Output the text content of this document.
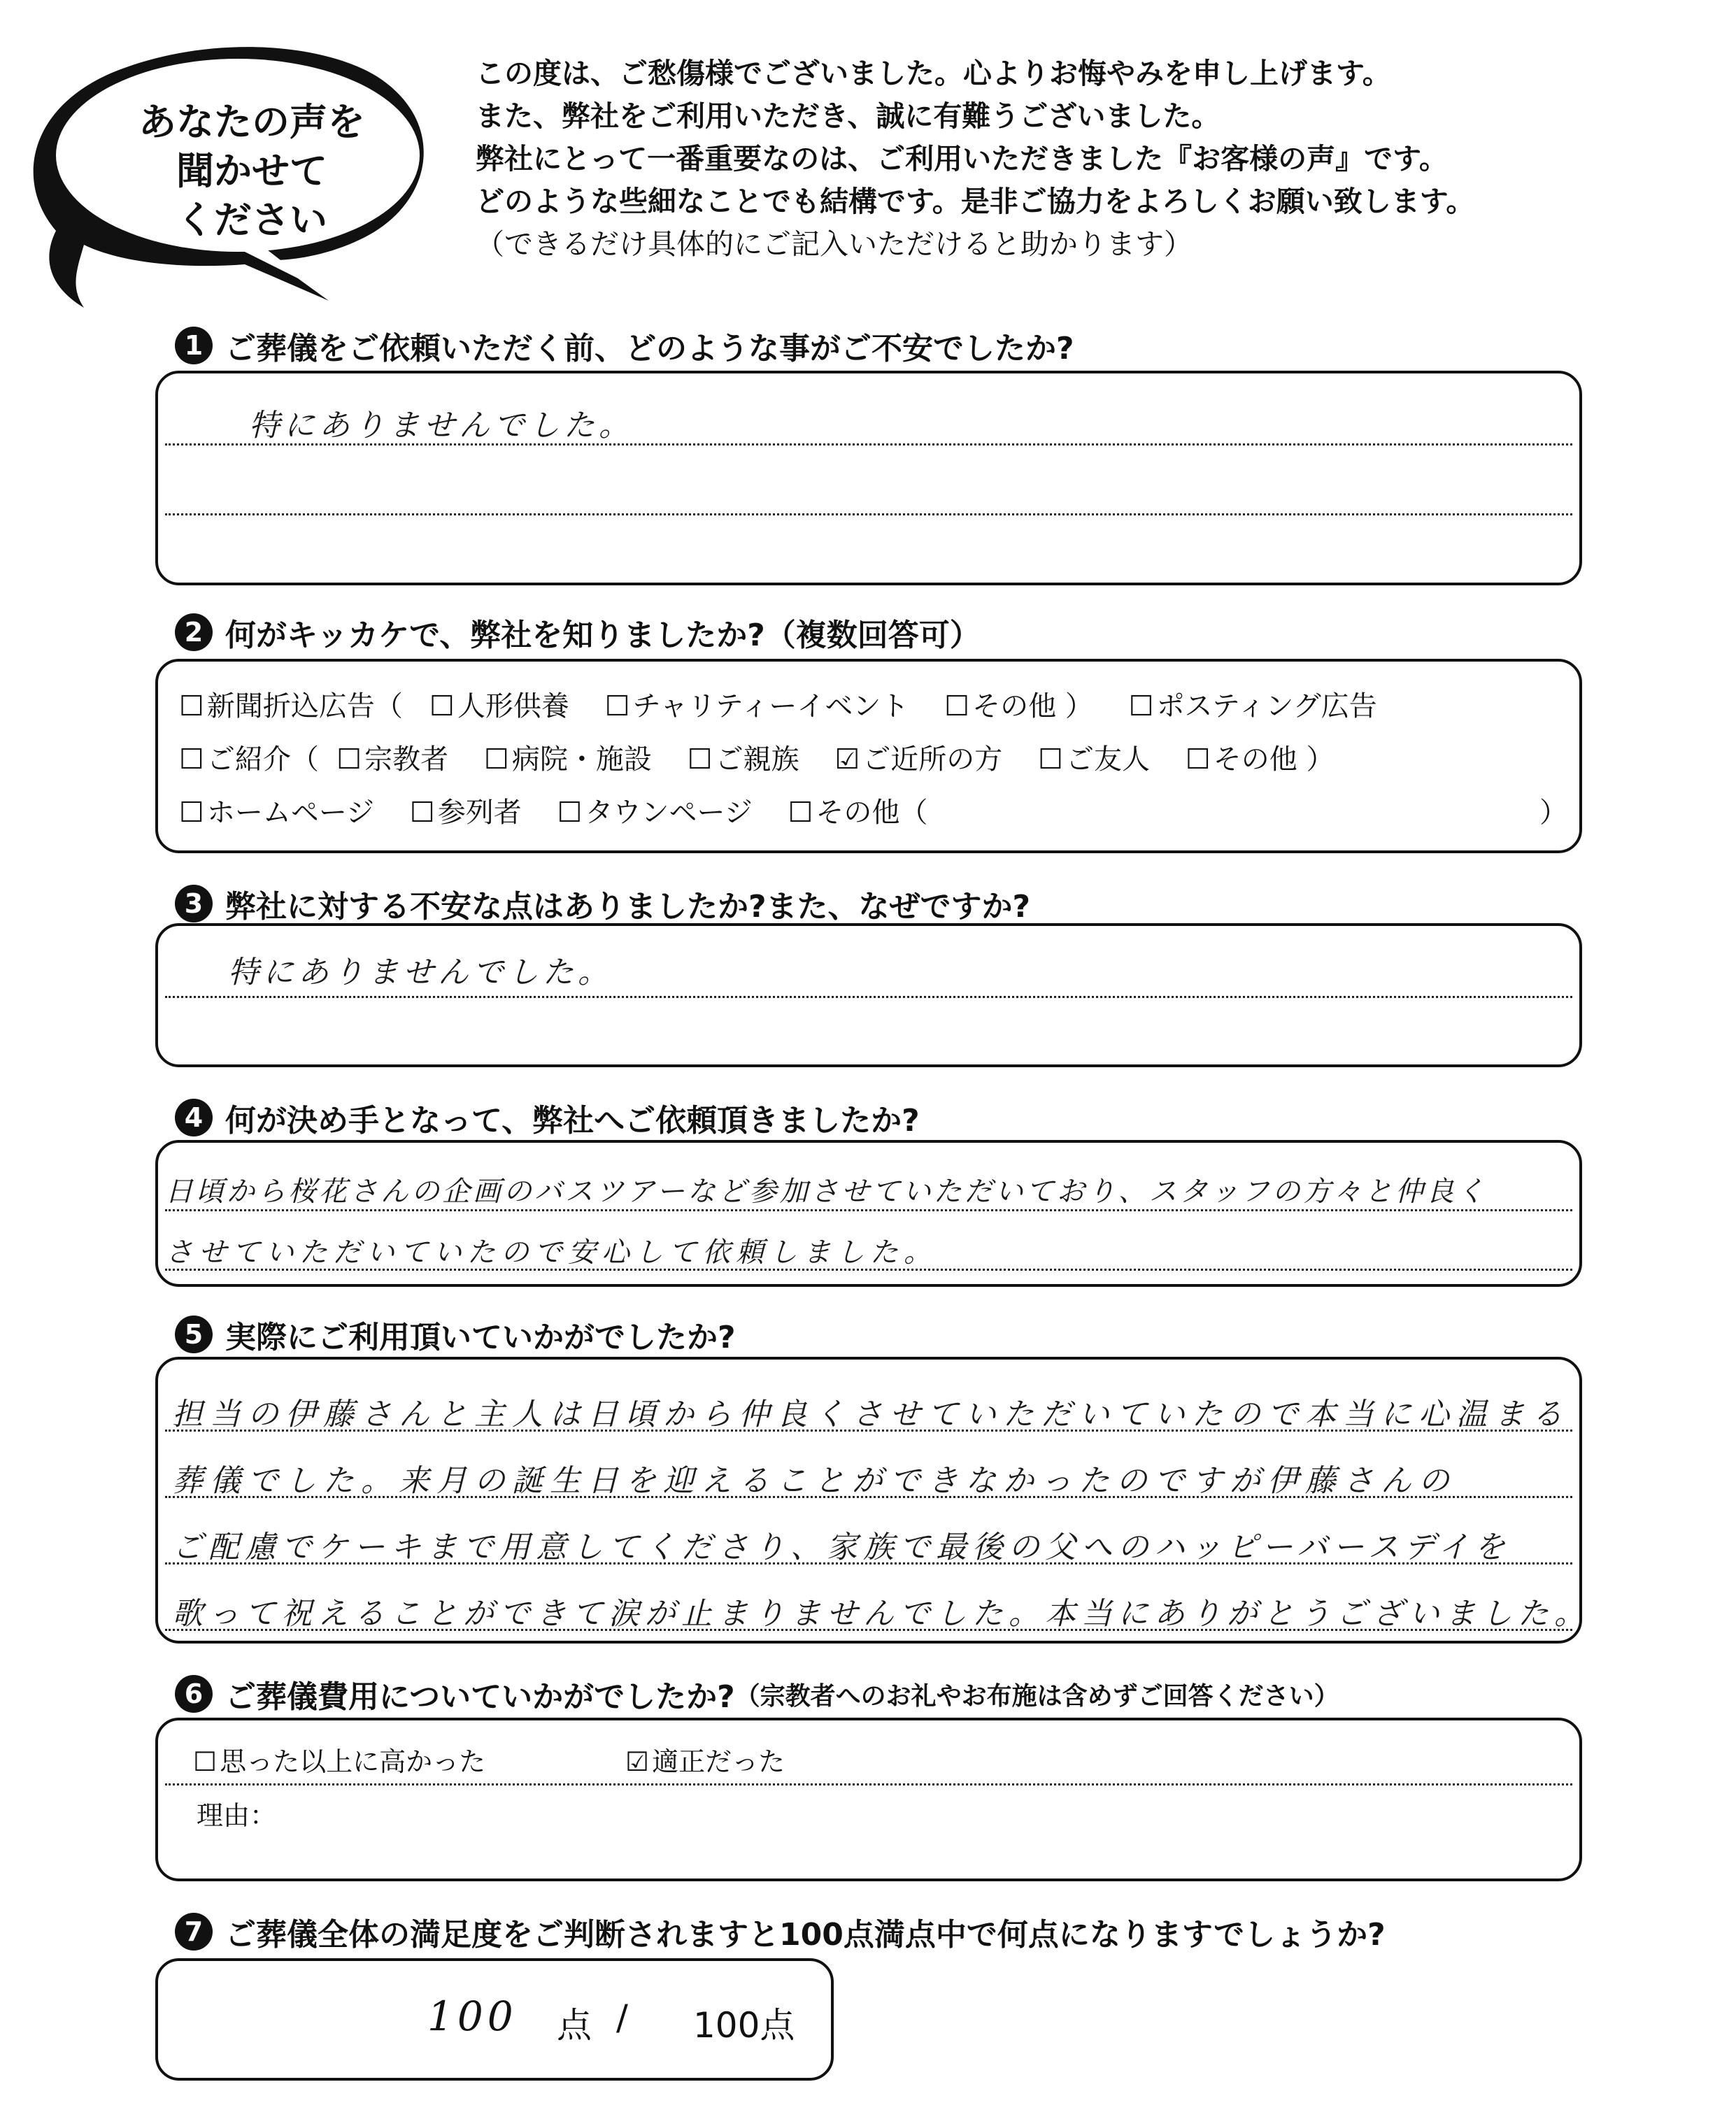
あなたの声を
聞かせて
ください
この度は、ご愁傷様でございました。心よりお悔やみを申し上げます。
また、弊社をご利用いただき、誠に有難うございました。
弊社にとって一番重要なのは、ご利用いただきました『お客様の声』です。
どのような些細なことでも結構です。是非ご協力をよろしくお願い致します。
（できるだけ具体的にご記入いただけると助かります）
1 ご葬儀をご依頼いただく前、どのような事がご不安でしたか?
特にありませんでした。
2 何がキッカケで、弊社を知りましたか?（複数回答可）
☐ 新聞折込広告（ ☐ 人形供養 ☐ チャリティーイベント ☐ その他 ） ☐ ポスティング広告
☐ ご紹介（ ☐ 宗教者 ☐ 病院・施設 ☐ ご親族 ☑ ご近所の方 ☐ ご友人 ☐ その他 ）
☐ ホームページ ☐ 参列者 ☐ タウンページ ☐ その他（	）
3 弊社に対する不安な点はありましたか?また、なぜですか?
特にありませんでした。
4 何が決め手となって、弊社へご依頼頂きましたか?
日頃から桜花さんの企画のバスツアーなど参加させていただいており、スタッフの方々と仲良く
させていただいていたので安心して依頼しました。
5 実際にご利用頂いていかがでしたか?
担当の伊藤さんと主人は日頃から仲良くさせていただいていたので本当に心温まる
葬儀でした。来月の誕生日を迎えることができなかったのですが伊藤さんの
ご配慮でケーキまで用意してくださり、家族で最後の父へのハッピーバースデイを
歌って祝えることができて涙が止まりませんでした。本当にありがとうございました。
6 ご葬儀費用についていかがでしたか? （宗教者へのお礼やお布施は含めずご回答ください）
☐ 思った以上に高かった	☑ 適正だった
理由：
7 ご葬儀全体の満足度をご判断されますと100点満点中で何点になりますでしょうか?
100 点 / 100点
